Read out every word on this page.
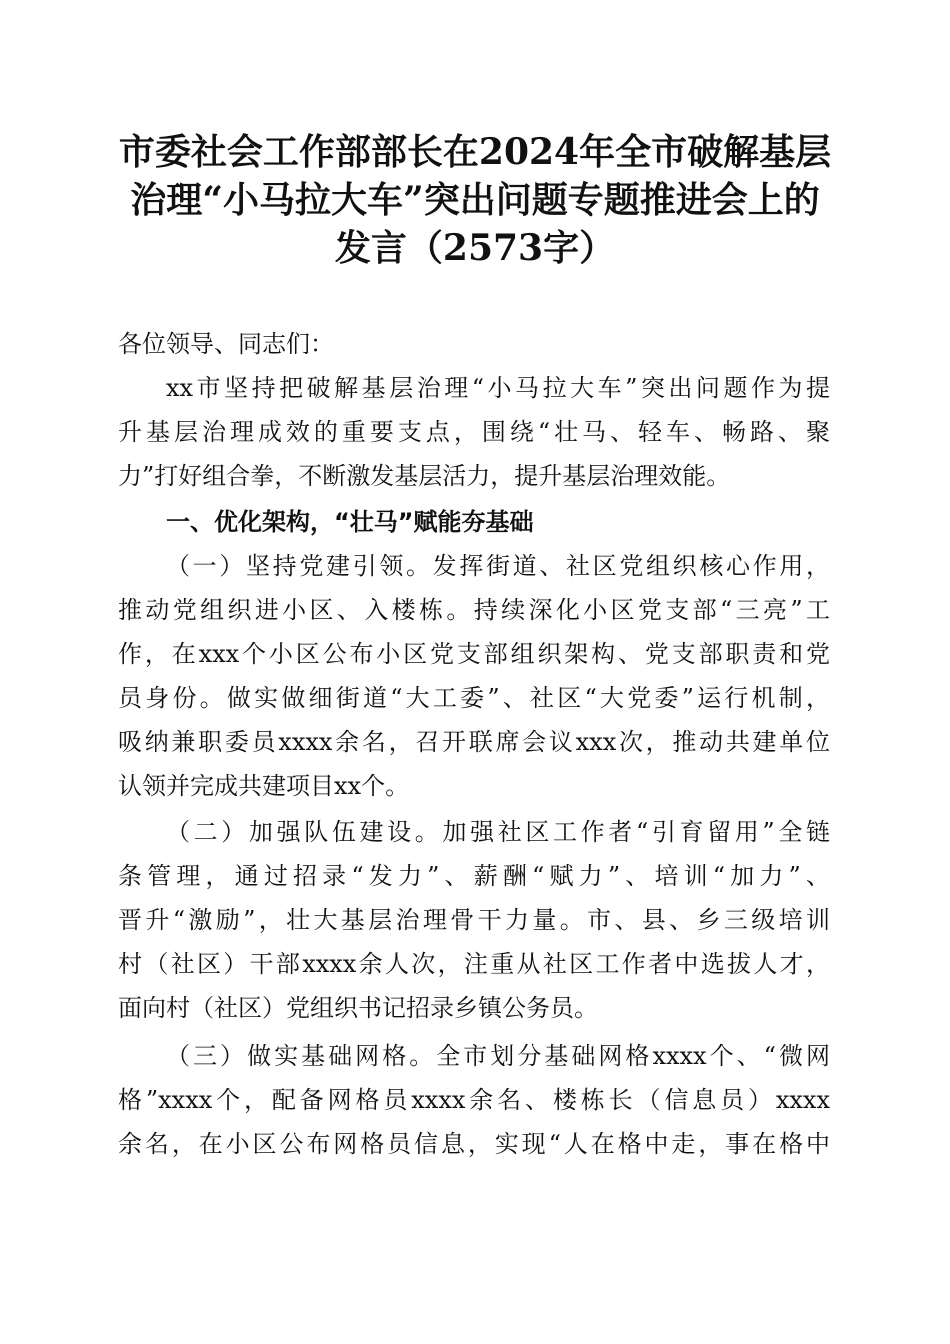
市委社会工作部部长在2024年全市破解基层
治理“小马拉大车”突出问题专题推进会上的
发言（2573字）
各位领导、同志们：
xx市坚持把破解基层治理“小马拉大车”突出问题作为提
升基层治理成效的重要支点，围绕“壮马、轻车、畅路、聚
力”打好组合拳，不断激发基层活力，提升基层治理效能。
一、优化架构，“壮马”赋能夯基础
（一）坚持党建引领。发挥街道、社区党组织核心作用，
推动党组织进小区、入楼栋。持续深化小区党支部“三亮”工
作，在xxx个小区公布小区党支部组织架构、党支部职责和党
员身份。做实做细街道“大工委”、社区“大党委”运行机制，
吸纳兼职委员xxxx余名，召开联席会议xxx次，推动共建单位
认领并完成共建项目xx个。
（二）加强队伍建设。加强社区工作者“引育留用”全链
条管理，通过招录“发力”、薪酬“赋力”、培训“加力”、
晋升“激励”，壮大基层治理骨干力量。市、县、乡三级培训
村（社区）干部xxxx余人次，注重从社区工作者中选拔人才，
面向村（社区）党组织书记招录乡镇公务员。
（三）做实基础网格。全市划分基础网格xxxx个、“微网
格”xxxx个，配备网格员xxxx余名、楼栋长（信息员）xxxx
余名，在小区公布网格员信息，实现“人在格中走，事在格中
